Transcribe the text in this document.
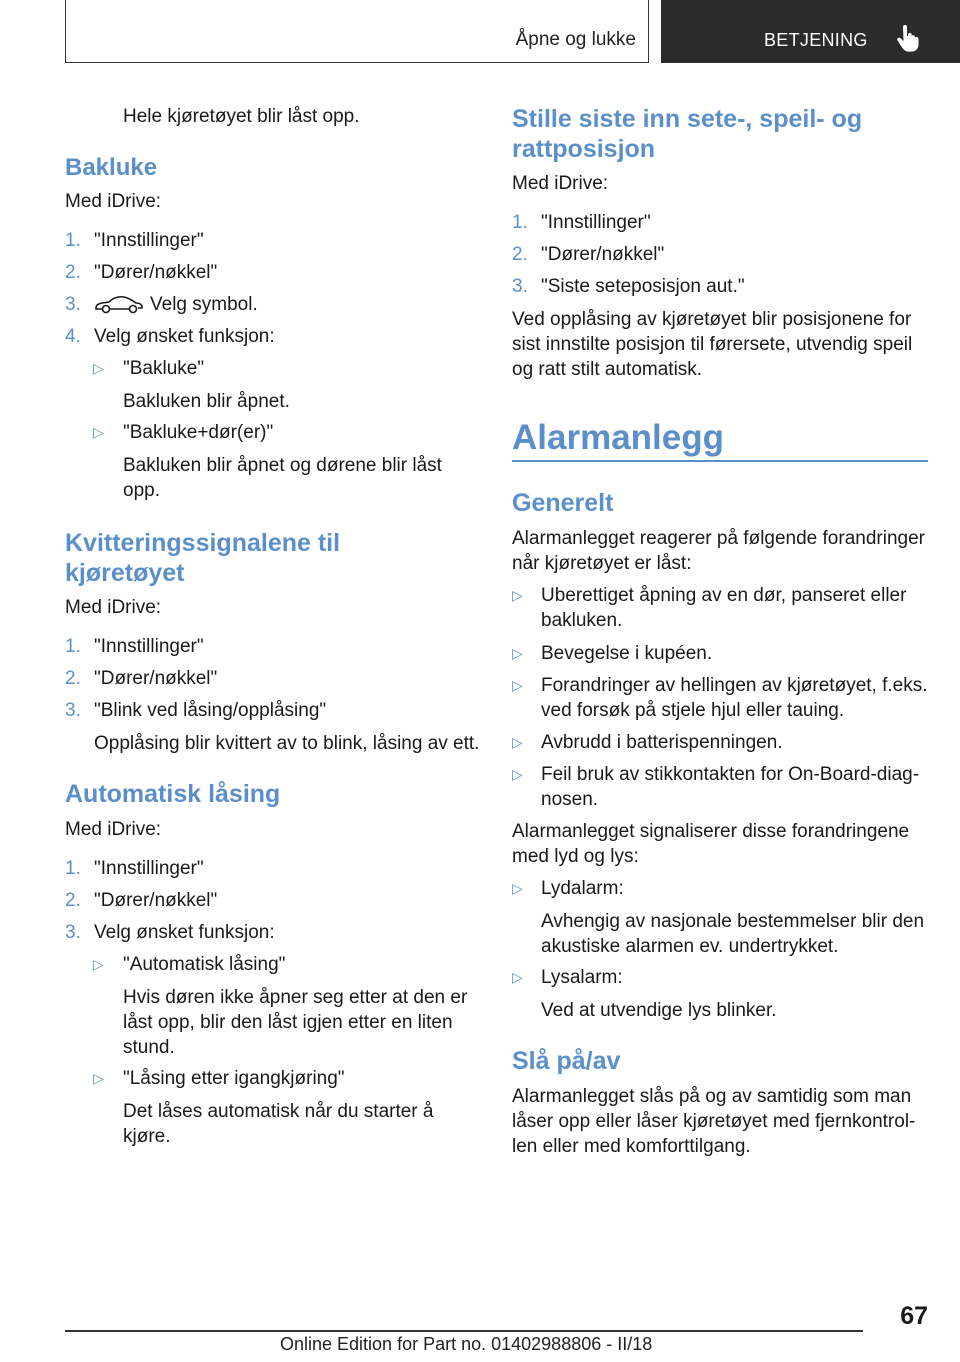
Åpne og lukke	BETJENING
Hele kjøretøyet blir låst opp.
Bakluke
Med iDrive:
1. "Innstillinger"
2. "Dører/nøkkel"
3.	Velg symbol.
4. Velg ønsket funksjon:
▷ "Bakluke"
Bakluken blir åpnet.
▷ "Bakluke+dør(er)"
Bakluken blir åpnet og dørene blir låst opp.
Kvitteringssignalene til kjøretøyet
Med iDrive:
1. "Innstillinger"
2. "Dører/nøkkel"
3. "Blink ved låsing/opplåsing"
Opplåsing blir kvittert av to blink, låsing av ett.
Automatisk låsing
Med iDrive:
1. "Innstillinger"
2. "Dører/nøkkel"
3. Velg ønsket funksjon:
▷ "Automatisk låsing"
Hvis døren ikke åpner seg etter at den er låst opp, blir den låst igjen etter en liten stund.
▷ "Låsing etter igangkjøring"
Det låses automatisk når du starter å kjøre.
Stille siste inn sete-, speil- og rattposisjon
Med iDrive:
1. "Innstillinger"
2. "Dører/nøkkel"
3. "Siste seteposisjon aut."
Ved opplåsing av kjøretøyet blir posisjonene for sist innstilte posisjon til førersete, utvendig speil og ratt stilt automatisk.
Alarmanlegg
Generelt
Alarmanlegget reagerer på følgende forandringer når kjøretøyet er låst:
▷ Uberettiget åpning av en dør, panseret eller bakluken.
▷ Bevegelse i kupéen.
▷ Forandringer av hellingen av kjøretøyet, f.eks. ved forsøk på stjele hjul eller tauing.
▷ Avbrudd i batterispenningen.
▷ Feil bruk av stikkontakten for On-Board-diag-nosen.
Alarmanlegget signaliserer disse forandringene med lyd og lys:
▷ Lydalarm:
Avhengig av nasjonale bestemmelser blir den akustiske alarmen ev. undertrykket.
▷ Lysalarm:
Ved at utvendige lys blinker.
Slå på/av
Alarmanlegget slås på og av samtidig som man låser opp eller låser kjøretøyet med fjernkontrol-len eller med komforttilgang.
67
Online Edition for Part no. 01402988806 - II/18
